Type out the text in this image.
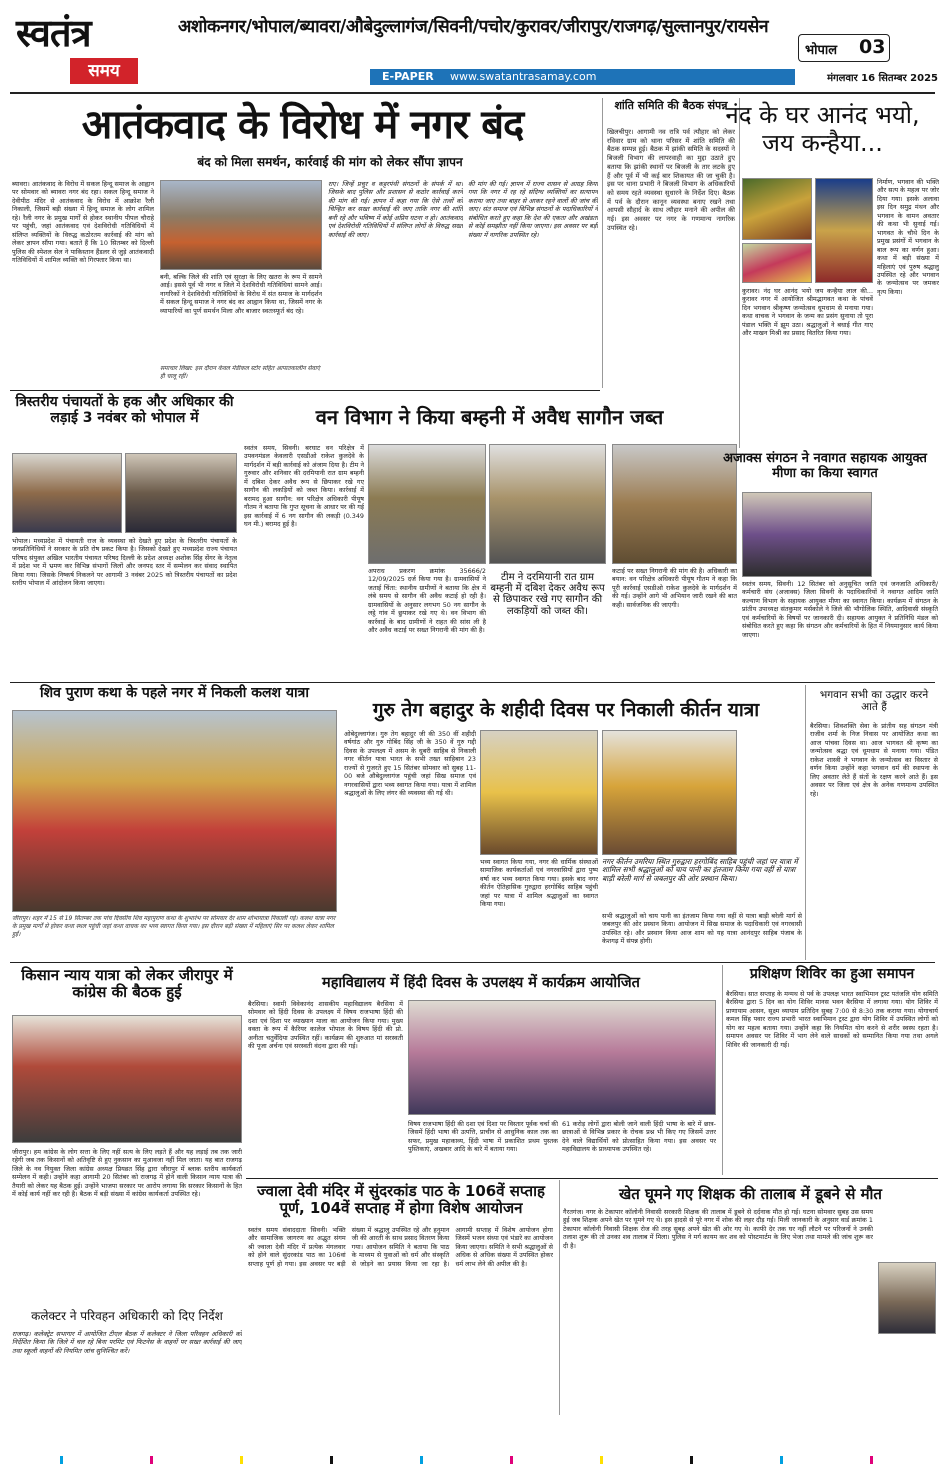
स्वतंत्र
समय
अशोकनगर/भोपाल/ब्यावरा/औबेदुल्लागंज/सिवनी/पचोर/कुरावर/जीरापुर/राजगढ़/सुल्तानपुर/रायसेन
भोपाल 03
E-PAPER www.swatantrasamay.com	मंगलवार 16 सितम्बर 2025
आतंकवाद के विरोध में नगर बंद
बंद को मिला समर्थन, कार्रवाई की मांग को लेकर सौंपा ज्ञापन
ब्यावरा। आतंकवाद के विरोध में सकल हिन्दू समाज के आह्वान पर सोमवार को ब्यावरा नगर बंद रहा। सकल हिन्दू समाज ने देवीपीठ मंदिर से आतंकवाद के विरोध में आक्रोश रैली निकाली, जिसमें बड़ी संख्या में हिन्दू समाज के लोग शामिल रहे। रैली नगर के प्रमुख मार्गों से होकर स्थानीय पीपल चौराहे पर पहुंची, जहां आतंकवाद एवं देशविरोधी गतिविधियों में संलिप्त व्यक्तियों के विरुद्ध कठोरतम कार्रवाई की मांग को लेकर ज्ञापन सौंपा गया। बताते हैं कि 10 सितम्बर को दिल्ली पुलिस की स्पेशल सेल ने पाकिस्तान हैंडलर से जुड़े आतंकवादी गतिविधियों में शामिल व्यक्ति को गिरफ्तार किया था।
बनी, बल्कि जिले की शांति एवं सुरक्षा के लिए खतरा के रूप में सामने आई। इससे पूर्व भी नगर व जिले में देशविरोधी गतिविधियां सामने आई। नागरिकों ने देशविरोधी गतिविधियों के विरोध में संत समाज के मार्गदर्शन में सकल हिन्दू समाज ने नगर बंद का आह्वान किया था, जिसमें नगर के व्यापारियों का पूर्ण समर्थन मिला और बाजार स्वतःस्फूर्त बंद रहे।
समाचार लिखा: इस दौरान केवल मेडीकल स्टोर सहित आपातकालीन सेवाएं ही चालू रहीं।
राए। जिन्हें प्रचुर व कट्टरपंथी संगठनों के संपर्क में था। जिसके बाद पुलिस और प्रशासन से कठोर कार्रवाई करने की मांग की गई। ज्ञापन में कहा गया कि ऐसे तत्वों को चिन्हित कर सख्त कार्रवाई की जाए ताकि नगर की शांति बनी रहे और भविष्य में कोई अप्रिय घटना न हो। आतंकवाद एवं देशविरोधी गतिविधियों में संलिप्त लोगों के विरुद्ध सख्त कार्रवाई की जाए।
की मांग की गई। ज्ञापन में राज्य शासन से आग्रह किया गया कि नगर में रह रहे संदिग्ध व्यक्तियों का सत्यापन कराया जाए तथा बाहर से आकर रहने वालों की जांच की जाए। संत समाज एवं विभिन्न संगठनों के पदाधिकारियों ने संबोधित करते हुए कहा कि देश की एकता और अखंडता से कोई समझौता नहीं किया जाएगा। इस अवसर पर बड़ी संख्या में नागरिक उपस्थित रहे।
शांति समिति की बैठक संपन्न
खिलचीपुर। आगामी नव रात्रि पर्व त्यौहार को लेकर रविवार ग्राम को थाना परिसर में शांति समिति की बैठक सम्पन्न हुई। बैठक में झांकी समिति के सदस्यों ने बिजली विभाग की लापरवाही का मुद्दा उठाते हुए बताया कि झांकी स्थानों पर बिजली के तार लटके हुए हैं और पूर्व में भी कई बार शिकायत की जा चुकी है। इस पर थाना प्रभारी ने बिजली विभाग के अधिकारियों को समय रहते व्यवस्था सुधारने के निर्देश दिए। बैठक में पर्व के दौरान कानून व्यवस्था बनाए रखने तथा आपसी सौहार्द के साथ त्यौहार मनाने की अपील की गई। इस अवसर पर नगर के गणमान्य नागरिक उपस्थित रहे।
नंद के घर आनंद भयो, जय कन्हैया...
कुरावर। नंद घर आनंद भयो जय कन्हैया लाल की... कुरावर नगर में आयोजित श्रीमद्भागवत कथा के पांचवें दिन भगवान श्रीकृष्ण जन्मोत्सव धूमधाम से मनाया गया। कथा वाचक ने भगवान के जन्म का प्रसंग सुनाया तो पूरा पंडाल भक्ति में झूम उठा। श्रद्धालुओं ने बधाई गीत गाए और माखन मिश्री का प्रसाद वितरित किया गया।
निर्माण, भगवान की भक्ति और सत्य के महत्व पर जोर दिया गया। इसके अलावा इस दिन समुद्र मंथन और भगवान के वामन अवतार की कथा भी सुनाई गई। भागवत के चौथे दिन के प्रमुख प्रसंगों में भगवान के बाल रूप का वर्णन हुआ। कथा में बड़ी संख्या में महिलाएं एवं पुरुष श्रद्धालु उपस्थित रहे और भगवान के जन्मोत्सव पर जमकर नृत्य किया।
त्रिस्तरीय पंचायतों के हक और अधिकार की लड़ाई 3 नवंबर को भोपाल में
भोपाल। मध्यप्रदेश में पंचायती राज के व्यवस्था को देखते हुए प्रदेश के त्रिस्तरीय पंचायतों के जनप्रतिनिधियों ने सरकार के प्रति रोष प्रकट किया है। जिसको देखते हुए मध्यप्रदेश राज्य पंचायत परिषद संयुक्त अखिल भारतीय पंचायत परिषद दिल्ली के प्रदेश अध्यक्ष अशोक सिंह सेंगर के नेतृत्व में प्रदेश भर में भ्रमण कर विभिन्न संभागों जिलों और जनपद स्तर में सम्मेलन कर संवाद स्थापित किया गया। जिसके निष्कर्ष निकलने पर आगामी 3 नवंबर 2025 को त्रिस्तरीय पंचायतों का प्रदेश स्तरीय भोपाल में आंदोलन किया जाएगा।
वन विभाग ने किया बम्हनी में अवैध सागौन जब्त
स्वतंत्र समय, सिवनी। बरघाट वन परिक्षेत्र में उपवनमंडल केवलारी एसडीओ राकेश कुलदेवे के मार्गदर्शन में बड़ी कार्रवाई को अंजाम दिया है। टीम ने गुरुवार और शनिवार की दरमियानी रात ग्राम बम्हनी में दबिश देकर अवैध रूप से छिपाकर रखे गए सागौन की लकड़ियों को जब्त किया। कार्रवाई में बरामद हुआ सागौन: वन परिक्षेत्र अधिकारी पीयूष गौतम ने बताया कि गुप्त सूचना के आधार पर की गई इस कार्रवाई में 6 नग सागौन की लकड़ी (0.349 घन मी.) बरामद हुई है।
अपराध प्रकरण क्रमांक 35666/2 12/09/2025 दर्ज किया गया है। ग्रामवासियों ने जताई चिंता: स्थानीय ग्रामीणों ने बताया कि क्षेत्र में लंबे समय से सागौन की अवैध कटाई हो रही है। ग्रामवासियों के अनुसार लगभग 50 नग सागौन के लट्ठे गांव में छुपाकर रखे गए थे। वन विभाग की कार्रवाई के बाद ग्रामीणों ने राहत की सांस ली है और अवैध कटाई पर सख्त निगरानी की मांग की है।
टीम ने दरमियानी रात ग्राम बम्हनी में दबिश देकर अवैध रूप से छिपाकर रखे गए सागौन की लकड़ियों को जब्त की।
कटाई पर सख्त निगरानी की मांग की है। अधिकारी का बयान: वन परिक्षेत्र अधिकारी पीयूष गौतम ने कहा कि पूरी कार्रवाई एसडीओ राकेश कुलदेवे के मार्गदर्शन में की गई। उन्होंने आगे भी अभियान जारी रखने की बात कही। सार्वजनिक की जाएगी।
अजाक्स संगठन ने नवागत सहायक आयुक्त मीणा का किया स्वागत
स्वतंत्र समय, सिवनी। 12 सितंबर को अनुसूचित जाति एवं जनजाति अधिकारी/कर्मचारी संघ (अजाक्स) जिला सिवनी के पदाधिकारियों ने नवागत आदिम जाति कल्याण विभाग के सहायक आयुक्त मीणा का स्वागत किया। कार्यक्रम में संगठन के प्रांतीय उपाध्यक्ष संतकुमार मर्सकोले ने जिले की भौगोलिक स्थिति, आदिवासी संस्कृति एवं कर्मचारियों के विषयों पर जानकारी दी। सहायक आयुक्त ने प्रतिनिधि मंडल को संबोधित करते हुए कहा कि संगठन और कर्मचारियों के हित में नियमानुसार कार्य किया जाएगा।
शिव पुराण कथा के पहले नगर में निकली कलश यात्रा
जीरापुर। शहर में 15 से 19 सितम्बर तक पांच दिवसीय शिव महापुराण कथा के शुभारंभ पर सोमवार देर शाम शोभायात्रा निकाली गई। कलश यात्रा नगर के प्रमुख मार्गों से होकर कथा स्थल पहुंची जहां कथा वाचक का भव्य स्वागत किया गया। इस दौरान बड़ी संख्या में महिलाएं सिर पर कलश लेकर शामिल हुईं।
गुरु तेग बहादुर के शहीदी दिवस पर निकाली कीर्तन यात्रा
ओबेदुल्लागंज। गुरु तेग बहादुर जी की 350 वीं शहीदी वर्षगांठ और गुरु गोबिंद सिंह जी के 350 वें गुरु गद्दी दिवस के उपलक्ष्य में असम के धुबरी साहिब से निकाली नगर कीर्तन यात्रा भारत के सभी तख्त साहिबान 23 राज्यों से गुजरते हुए 15 सितंबर सोमवार को सुबह 11-00 बजे औबेदुल्लागंज पहुंची जहां सिख समाज एवं नगरवासियों द्वारा भव्य स्वागत किया गया। यात्रा में शामिल श्रद्धालुओं के लिए लंगर की व्यवस्था की गई थी।
भव्य स्वागत किया गया, नगर की धार्मिक संस्थाओं सामाजिक कार्यकर्ताओं एवं नगरवासियों द्वारा पुष्प वर्षा कर भव्य स्वागत किया गया। इसके बाद नगर कीर्तन ऐतिहासिक गुरुद्वारा हरगोबिंद साहिब पहुंची जहां पर यात्रा में शामिल श्रद्धालुओं का स्वागत किया गया।
नगर कीर्तन उमरिया स्थित गुरुद्वारा हरगोबिंद साहिब पहुंची जहां पर यात्रा में शामिल सभी श्रद्धालुओं को चाय पानी का इंतजाम किया गया वहीं से यात्रा बाड़ी बरेली मार्ग से जबलपुर की ओर प्रस्थान किया।
सभी श्रद्धालुओं को चाय पानी का इंतजाम किया गया वहीं से यात्रा बाड़ी बरेली मार्ग से जबलपुर की ओर प्रस्थान किया। आयोजन में सिख समाज के पदाधिकारी एवं नगरवासी उपस्थित रहे। और प्रस्थान किया आज शाम को यह यात्रा आनंदपुर साहिब पंजाब के केशगढ़ में संपन्न होगी।
भगवान सभी का उद्धार करने आते हैं
बैरसिया। शिवशक्ति सेवा के प्रांतीय सह संगठन मंत्री राजीव शर्मा के निज निवास पर आयोजित कथा का आज पांचवा दिवस था। आज भागवत श्री कृष्ण का जन्मोत्सव श्रद्धा एवं धूमधाम से मनाया गया। पंडित राकेश शास्त्री ने भगवान के जन्मोत्सव का विस्तार से वर्णन किया उन्होंने कहा भगवान धर्म की स्थापना के लिए अवतार लेते हैं संतों के रक्षण करने आते हैं। इस अवसर पर जिला एवं क्षेत्र के अनेक गणमान्य उपस्थित रहे।
किसान न्याय यात्रा को लेकर जीरापुर में कांग्रेस की बैठक हुई
जीरापुर। हम कांग्रेस के लोग सत्ता के लिए नहीं सत्य के लिए लड़ते हैं और यह लड़ाई तब तक जारी रहेगी जब तक किसानों को अतिवृष्टि से हुए नुकसान का मुआवजा नहीं मिल जाता। यह बात राजगढ़ जिले के नव नियुक्त जिला कांग्रेस अध्यक्ष प्रियव्रत सिंह द्वारा जीरापुर में ब्लाक स्तरीय कार्यकर्ता सम्मेलन में कही। उन्होंने कहा आगामी 20 सितंबर को राजगढ़ में होने वाली किसान न्याय यात्रा की तैयारी को लेकर यह बैठक हुई। उन्होंने भाजपा सरकार पर आरोप लगाया कि सरकार किसानों के हित में कोई कार्य नहीं कर रही है। बैठक में बड़ी संख्या में कांग्रेस कार्यकर्ता उपस्थित रहे।
कलेक्टर ने परिवहन अधिकारी को दिए निर्देश
राजगढ़। कलेक्ट्रेट सभागार में आयोजित टीएल बैठक में कलेक्टर ने जिला परिवहन अधिकारी को निर्देशित किया कि जिले में चल रहे बिना परमिट एवं फिटनेस के वाहनों पर सख्त कार्रवाई की जाए तथा स्कूली वाहनों की नियमित जांच सुनिश्चित करें।
महाविद्यालय में हिंदी दिवस के उपलक्ष्य में कार्यक्रम आयोजित
बैरसिया। स्वामी विवेकानंद शासकीय महाविद्यालय बैरसिया में सोमवार को हिंदी दिवस के उपलक्ष्य में विषय राजभाषा हिंदी की दशा एवं दिशा पर व्याख्यान माला का आयोजन किया गया। मुख्य वक्ता के रूप में कैरियर कालेज भोपाल के विषय हिंदी की प्रो. अनीता चतुर्वेदिया उपस्थित रहीं। कार्यक्रम की शुरुआत मां सरस्वती की पूजा अर्चना एवं सरस्वती वंदना द्वारा की गई।
विषय राजभाषा हिंदी की दशा एवं दिशा पर विस्तार पूर्वक चर्चा की जिसमें हिंदी भाषा की उत्पत्ति, प्राचीन से आधुनिक काल तक का सफर, प्रमुख महाकाव्य, हिंदी भाषा में प्रकाशित प्रथम पुस्तक पुस्तिकाएं, अखबार आदि के बारे में बताया गया।
61 करोड़ लोगों द्वारा बोली जाने वाली हिंदी भाषा के बारे में छात्र-छात्राओं से विभिन्न प्रकार के रोचक प्रश्न भी किए गए जिसमें उत्तर देने वाले विद्यार्थियों को प्रोत्साहित किया गया। इस अवसर पर महाविद्यालय के प्राध्यापक उपस्थित रहे।
प्रशिक्षण शिविर का हुआ समापन
बैरसिया। सात सप्ताह के मन्मथ से पर्व के उपलक्ष भारत स्वाभिमान ट्रस्ट पतंजलि योग समिति बैरसिया द्वारा 5 दिन का योग शिविर मानस भवन बैरसिया में लगाया गया। योग शिविर में प्राणायाम आसन, सूक्ष्म व्यायाम प्रतिदिन सुबह 7:00 से 8:30 तक कराया गया। योगाचार्य कमल सिंह पवार राज्य प्रभारी भारत स्वाभिमान ट्रस्ट द्वारा योग शिविर में उपस्थित लोगों को योग का महत्व बताया गया। उन्होंने कहा कि नियमित योग करने से शरीर स्वस्थ रहता है। समापन अवसर पर शिविर में भाग लेने वाले साधकों को सम्मानित किया गया तथा अगले शिविर की जानकारी दी गई।
ज्वाला देवी मंदिर में सुंदरकांड पाठ के 106वें सप्ताह पूर्ण, 104वें सप्ताह में होगा विशेष आयोजन
स्वतंत्र समय संवाददाता सिवनी। भक्ति और सामाजिक जागरण का अद्भुत संगम श्री ज्वाला देवी मंदिर में प्रत्येक मंगलवार को होने वाले सुंदरकांड पाठ का 106वां सप्ताह पूर्ण हो गया। इस अवसर पर बड़ी संख्या में श्रद्धालु उपस्थित रहे और हनुमान जी की आरती के साथ प्रसाद वितरण किया गया। आयोजन समिति ने बताया कि पाठ के माध्यम से युवाओं को धर्म और संस्कृति से जोड़ने का प्रयास किया जा रहा है। आगामी सप्ताह में विशेष आयोजन होगा जिसमें भजन संध्या एवं भंडारे का आयोजन किया जाएगा। समिति ने सभी श्रद्धालुओं से अधिक से अधिक संख्या में उपस्थित होकर धर्म लाभ लेने की अपील की है।
खेत घूमने गए शिक्षक की तालाब में डूबने से मौत
गैरतगंज। नगर के टेकापार कॉलोनी निवासी सरकारी शिक्षक की तालाब में डूबने से दर्दनाक मौत हो गई। घटना सोमवार सुबह उस समय हुई जब शिक्षक अपने खेत पर घूमने गए थे। इस हादसे से पूरे नगर में शोक की लहर दौड़ गई। मिली जानकारी के अनुसार वार्ड क्रमांक 1 टेकापार कॉलोनी निवासी शिक्षक रोज की तरह सुबह अपने खेत की ओर गए थे। काफी देर तक घर नहीं लौटने पर परिजनों ने उनकी तलाश शुरू की तो उनका शव तालाब में मिला। पुलिस ने मर्ग कायम कर शव को पोस्टमार्टम के लिए भेजा तथा मामले की जांच शुरू कर दी है।
